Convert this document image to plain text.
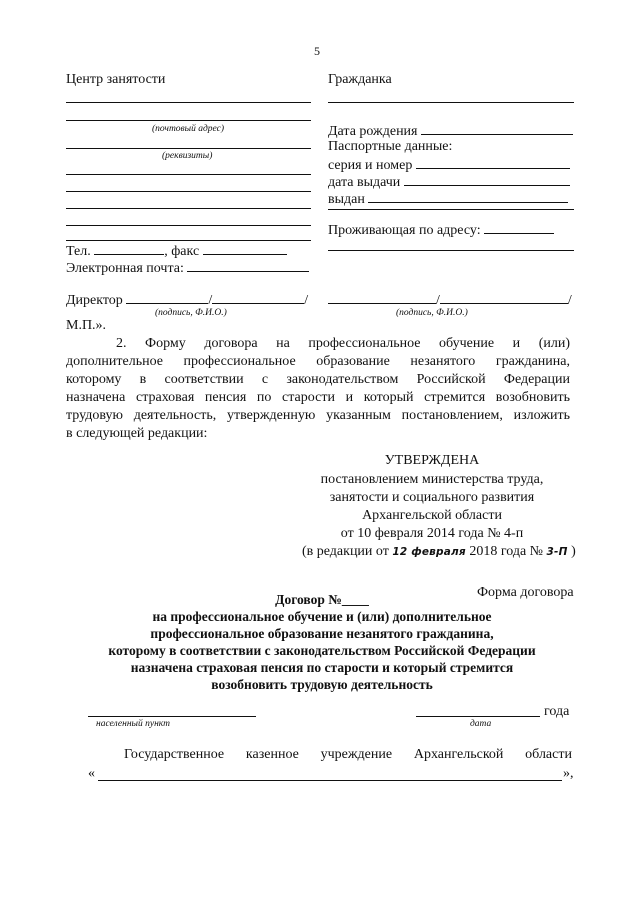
5
Центр занятости
(почтовый адрес)
(реквизиты)
Тел.	, факс
Электронная почта:
Директор	/	/
(подпись, Ф.И.О.)
М.П.».
Гражданка
Дата рождения
Паспортные данные:
серия и номер
дата выдачи
выдан
Проживающая по адресу:
/	/
(подпись, Ф.И.О.)
2. Форму договора на профессиональное обучение и (или)
дополнительное профессиональное образование незанятого гражданина,
которому в соответствии с законодательством Российской Федерации
назначена страховая пенсия по старости и который стремится возобновить
трудовую деятельность, утвержденную указанным постановлением, изложить
в следующей редакции:
УТВЕРЖДЕНА
постановлением министерства труда,
занятости и социального развития
Архангельской области
от 10 февраля 2014 года № 4-п
(в редакции от 12 февраля 2018 года № 3-П )
Форма договора
Договор №____
на профессиональное обучение и (или) дополнительное
профессиональное образование незанятого гражданина,
которому в соответствии с законодательством Российской Федерации
назначена страховая пенсия по старости и который стремится
возобновить трудовую деятельность
населенный пункт
года
дата
Государственное казенное учреждение Архангельской области
«	»,
